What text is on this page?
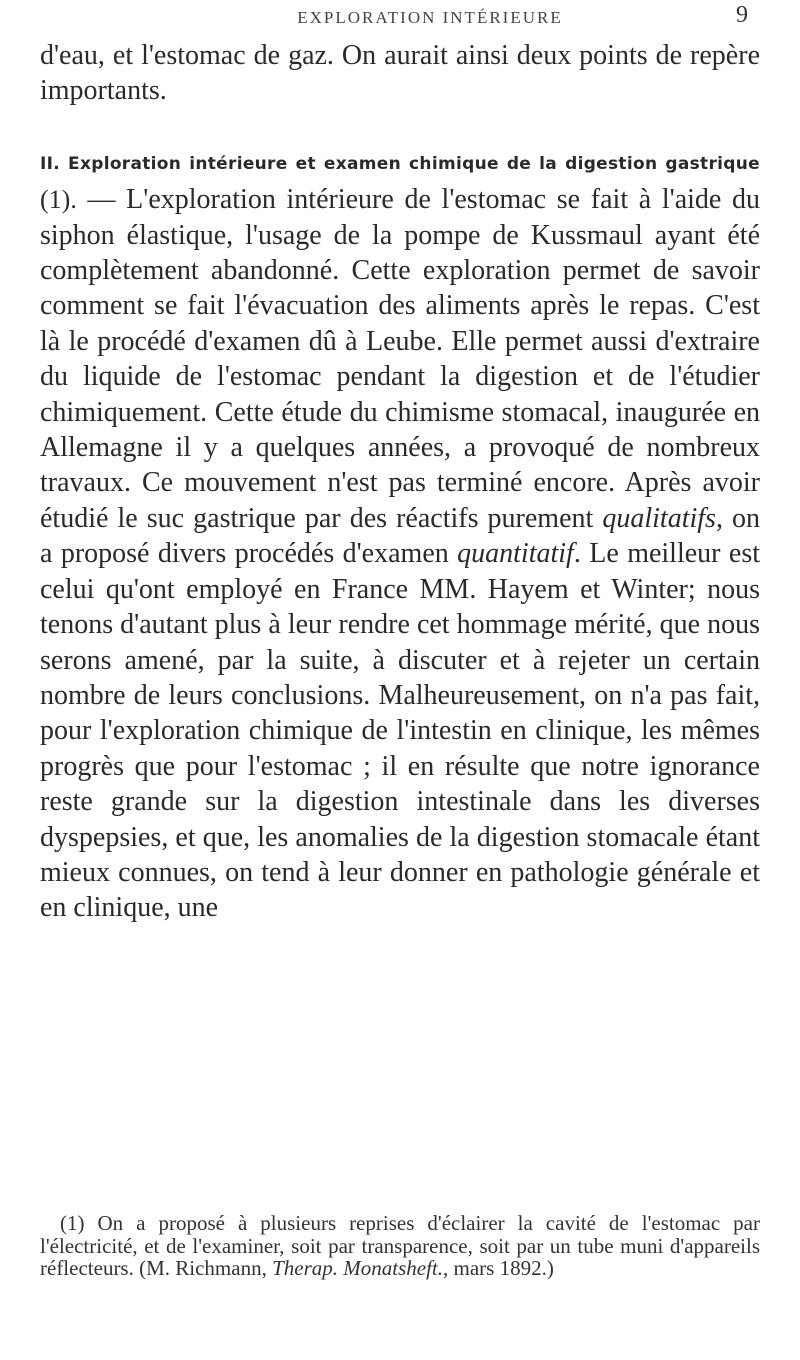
EXPLORATION INTÉRIEURE	9

d'eau, et l'estomac de gaz. On aurait ainsi deux points de repère importants.

II. Exploration intérieure et examen chimique de la digestion gastrique (1). — L'exploration intérieure de l'estomac se fait à l'aide du siphon élastique, l'usage de la pompe de Kussmaul ayant été complètement abandonné. Cette exploration permet de savoir comment se fait l'évacuation des aliments après le repas. C'est là le procédé d'examen dû à Leube. Elle permet aussi d'extraire du liquide de l'estomac pendant la digestion et de l'étudier chimiquement. Cette étude du chimisme stomacal, inaugurée en Allemagne il y a quelques années, a provoqué de nombreux travaux. Ce mouvement n'est pas terminé encore. Après avoir étudié le suc gastrique par des réactifs purement qualitatifs, on a proposé divers procédés d'examen quantitatif. Le meilleur est celui qu'ont employé en France MM. Hayem et Winter; nous tenons d'autant plus à leur rendre cet hommage mérité, que nous serons amené, par la suite, à discuter et à rejeter un certain nombre de leurs conclusions. Malheureusement, on n'a pas fait, pour l'exploration chimique de l'intestin en clinique, les mêmes progrès que pour l'estomac ; il en résulte que notre ignorance reste grande sur la digestion intestinale dans les diverses dyspepsies, et que, les anomalies de la digestion stomacale étant mieux connues, on tend à leur donner en pathologie générale et en clinique, une

(1) On a proposé à plusieurs reprises d'éclairer la cavité de l'estomac par l'électricité, et de l'examiner, soit par transparence, soit par un tube muni d'appareils réflecteurs. (M. Richmann, Therap. Monatsheft., mars 1892.)
